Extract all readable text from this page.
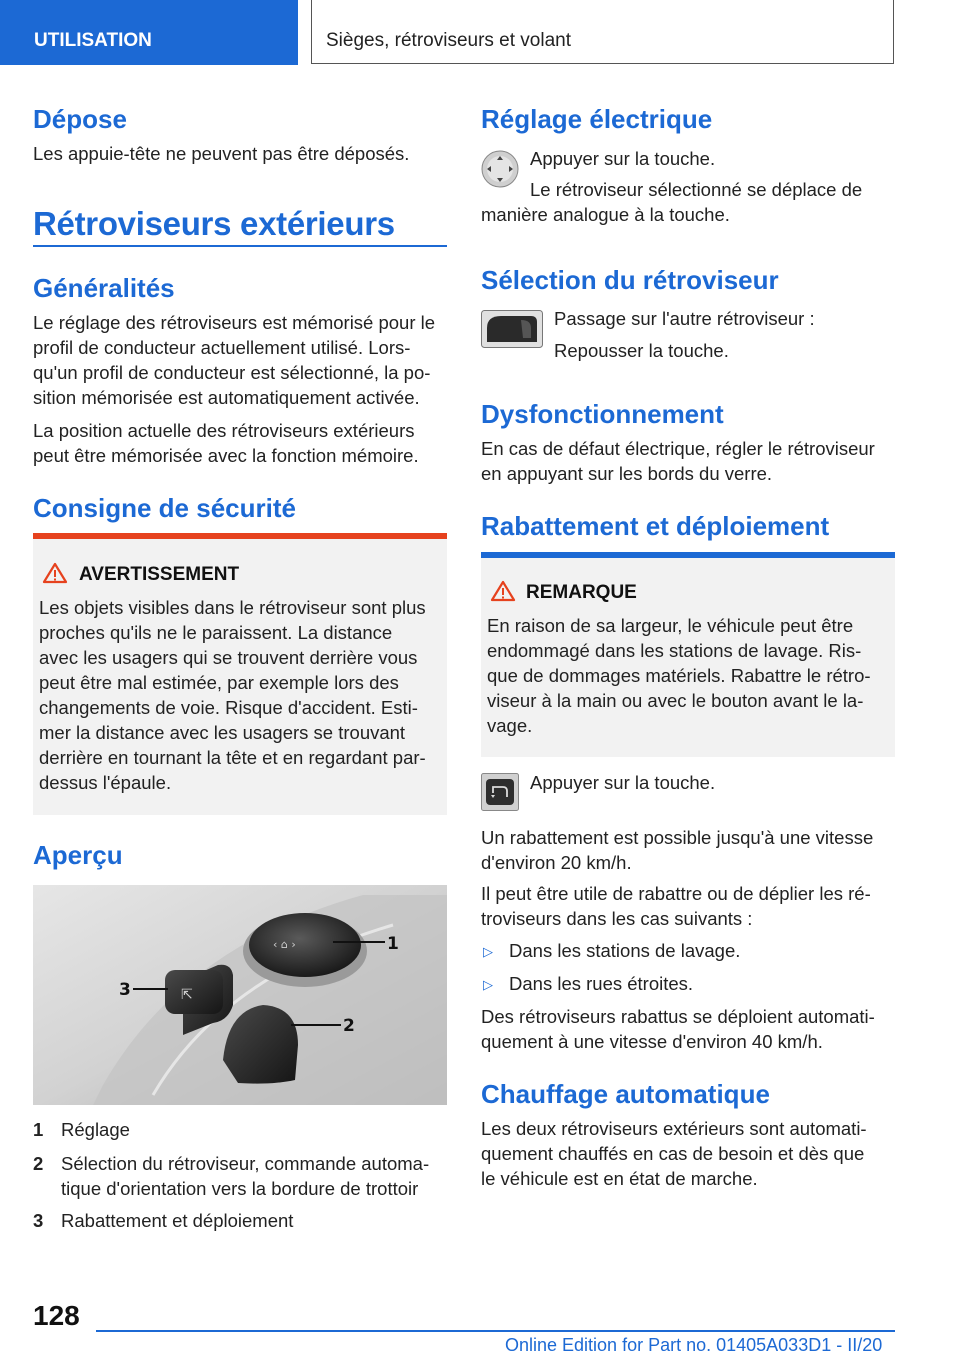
UTILISATION	Sièges, rétroviseurs et volant
Dépose

Les appuie-tête ne peuvent pas être déposés.

Rétroviseurs extérieurs
Généralités

Le réglage des rétroviseurs est mémorisé pour le
profil de conducteur actuellement utilisé. Lors-
qu'un profil de conducteur est sélectionné, la po-
sition mémorisée est automatiquement activée.

La position actuelle des rétroviseurs extérieurs
peut être mémorisée avec la fonction mémoire.

Consigne de sécurité
AVERTISSEMENT

Les objets visibles dans le rétroviseur sont plus
proches qu'ils ne le paraissent. La distance
avec les usagers qui se trouvent derrière vous
peut être mal estimée, par exemple lors des
changements de voie. Risque d'accident. Esti-
mer la distance avec les usagers se trouvant
derrière en tournant la tête et en regardant par-
dessus l'épaule.

Aperçu
‹ ⌂ ›
⇱
1
2
3
1 Réglage
2 Sélection du rétroviseur, commande automa-
tique d'orientation vers la bordure de trottoir
3 Rabattement et déploiement
Réglage électrique

Appuyer sur la touche.

Le rétroviseur sélectionné se déplace de

manière analogue à la touche.

Sélection du rétroviseur

Passage sur l'autre rétroviseur :

Repousser la touche.

Dysfonctionnement

En cas de défaut électrique, régler le rétroviseur
en appuyant sur les bords du verre.

Rabattement et déploiement
REMARQUE

En raison de sa largeur, le véhicule peut être
endommagé dans les stations de lavage. Ris-
que de dommages matériels. Rabattre le rétro-
viseur à la main ou avec le bouton avant le la-
vage.

Appuyer sur la touche.

Un rabattement est possible jusqu'à une vitesse
d'environ 20 km/h.

Il peut être utile de rabattre ou de déplier les ré-
troviseurs dans les cas suivants :

▷ Dans les stations de lavage.

▷ Dans les rues étroites.

Des rétroviseurs rabattus se déploient automati-
quement à une vitesse d'environ 40 km/h.

Chauffage automatique

Les deux rétroviseurs extérieurs sont automati-
quement chauffés en cas de besoin et dès que
le véhicule est en état de marche.

128
Online Edition for Part no. 01405A033D1 - II/20
